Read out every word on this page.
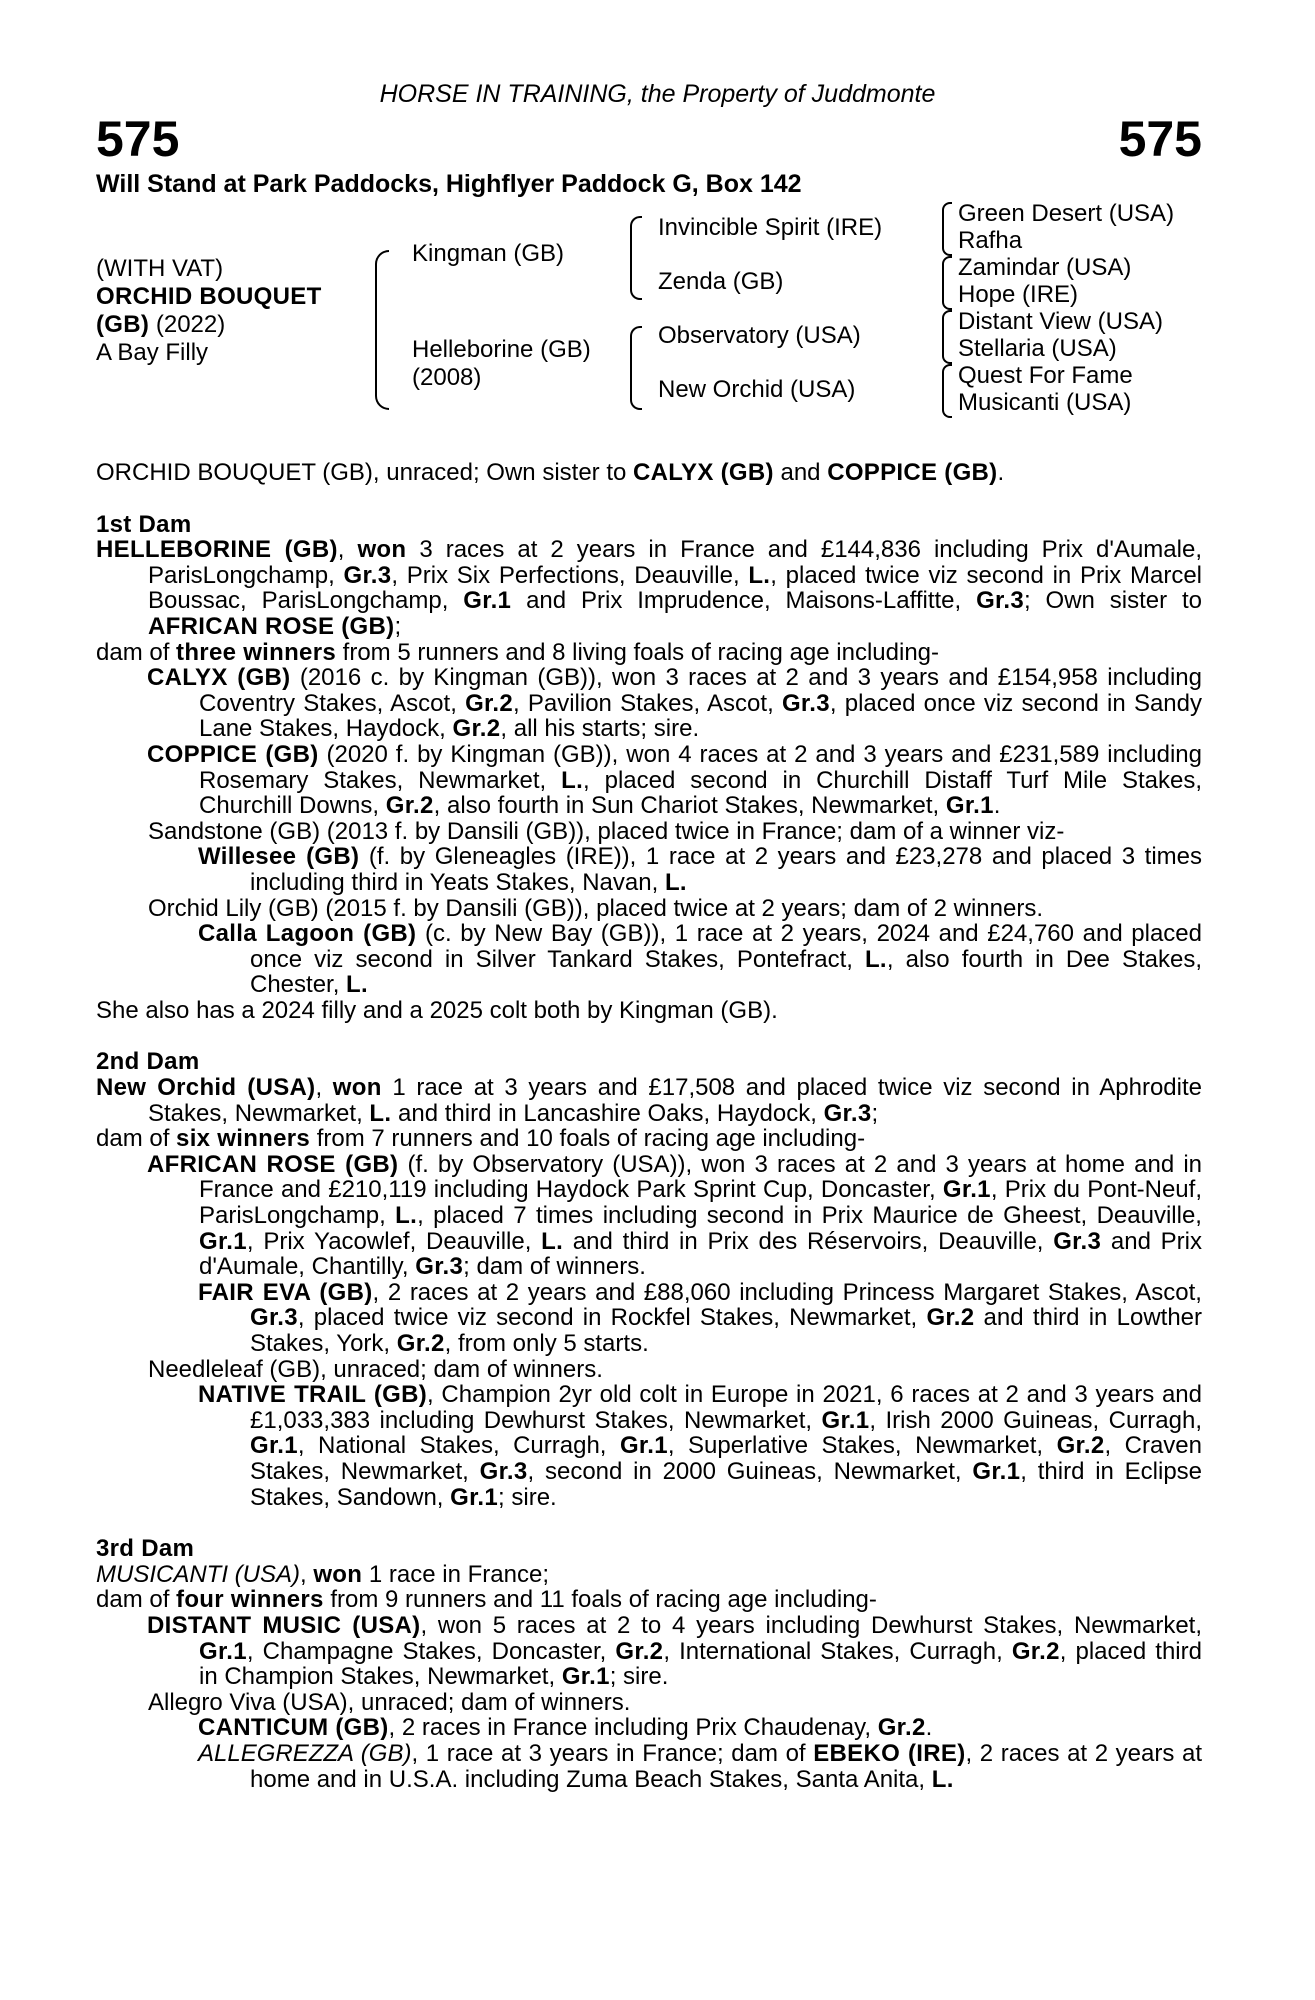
HORSE IN TRAINING, the Property of Juddmonte
575	575
Will Stand at Park Paddocks, Highflyer Paddock G, Box 142
(WITH VAT)
ORCHID BOUQUET
(GB) (2022)
A Bay Filly
Kingman (GB)
Helleborine (GB)
(2008)
Invincible Spirit (IRE)
Zenda (GB)
Observatory (USA)
New Orchid (USA)
Green Desert (USA)
Rafha
Zamindar (USA)
Hope (IRE)
Distant View (USA)
Stellaria (USA)
Quest For Fame
Musicanti (USA)

ORCHID BOUQUET (GB), unraced; Own sister to CALYX (GB) and COPPICE (GB).

1st Dam

HELLEBORINE (GB), won 3 races at 2 years in France and £144,836 including Prix d'Aumale, ParisLongchamp, Gr.3, Prix Six Perfections, Deauville, L., placed twice viz second in Prix Marcel Boussac, ParisLongchamp, Gr.1 and Prix Imprudence, Maisons-Laffitte, Gr.3; Own sister to AFRICAN ROSE (GB);

dam of three winners from 5 runners and 8 living foals of racing age including-

CALYX (GB) (2016 c. by Kingman (GB)), won 3 races at 2 and 3 years and £154,958 including Coventry Stakes, Ascot, Gr.2, Pavilion Stakes, Ascot, Gr.3, placed once viz second in Sandy Lane Stakes, Haydock, Gr.2, all his starts; sire.

COPPICE (GB) (2020 f. by Kingman (GB)), won 4 races at 2 and 3 years and £231,589 including Rosemary Stakes, Newmarket, L., placed second in Churchill Distaff Turf Mile Stakes, Churchill Downs, Gr.2, also fourth in Sun Chariot Stakes, Newmarket, Gr.1.

Sandstone (GB) (2013 f. by Dansili (GB)), placed twice in France; dam of a winner viz-

Willesee (GB) (f. by Gleneagles (IRE)), 1 race at 2 years and £23,278 and placed 3 times including third in Yeats Stakes, Navan, L.

Orchid Lily (GB) (2015 f. by Dansili (GB)), placed twice at 2 years; dam of 2 winners.

Calla Lagoon (GB) (c. by New Bay (GB)), 1 race at 2 years, 2024 and £24,760 and placed once viz second in Silver Tankard Stakes, Pontefract, L., also fourth in Dee Stakes, Chester, L.

She also has a 2024 filly and a 2025 colt both by Kingman (GB).

2nd Dam

New Orchid (USA), won 1 race at 3 years and £17,508 and placed twice viz second in Aphrodite Stakes, Newmarket, L. and third in Lancashire Oaks, Haydock, Gr.3;

dam of six winners from 7 runners and 10 foals of racing age including-

AFRICAN ROSE (GB) (f. by Observatory (USA)), won 3 races at 2 and 3 years at home and in France and £210,119 including Haydock Park Sprint Cup, Doncaster, Gr.1, Prix du Pont-Neuf, ParisLongchamp, L., placed 7 times including second in Prix Maurice de Gheest, Deauville, Gr.1, Prix Yacowlef, Deauville, L. and third in Prix des Réservoirs, Deauville, Gr.3 and Prix d'Aumale, Chantilly, Gr.3; dam of winners.

FAIR EVA (GB), 2 races at 2 years and £88,060 including Princess Margaret Stakes, Ascot, Gr.3, placed twice viz second in Rockfel Stakes, Newmarket, Gr.2 and third in Lowther Stakes, York, Gr.2, from only 5 starts.

Needleleaf (GB), unraced; dam of winners.

NATIVE TRAIL (GB), Champion 2yr old colt in Europe in 2021, 6 races at 2 and 3 years and £1,033,383 including Dewhurst Stakes, Newmarket, Gr.1, Irish 2000 Guineas, Curragh, Gr.1, National Stakes, Curragh, Gr.1, Superlative Stakes, Newmarket, Gr.2, Craven Stakes, Newmarket, Gr.3, second in 2000 Guineas, Newmarket, Gr.1, third in Eclipse Stakes, Sandown, Gr.1; sire.

3rd Dam

MUSICANTI (USA), won 1 race in France;

dam of four winners from 9 runners and 11 foals of racing age including-

DISTANT MUSIC (USA), won 5 races at 2 to 4 years including Dewhurst Stakes, Newmarket, Gr.1, Champagne Stakes, Doncaster, Gr.2, International Stakes, Curragh, Gr.2, placed third in Champion Stakes, Newmarket, Gr.1; sire.

Allegro Viva (USA), unraced; dam of winners.

CANTICUM (GB), 2 races in France including Prix Chaudenay, Gr.2.

ALLEGREZZA (GB), 1 race at 3 years in France; dam of EBEKO (IRE), 2 races at 2 years at home and in U.S.A. including Zuma Beach Stakes, Santa Anita, L.
